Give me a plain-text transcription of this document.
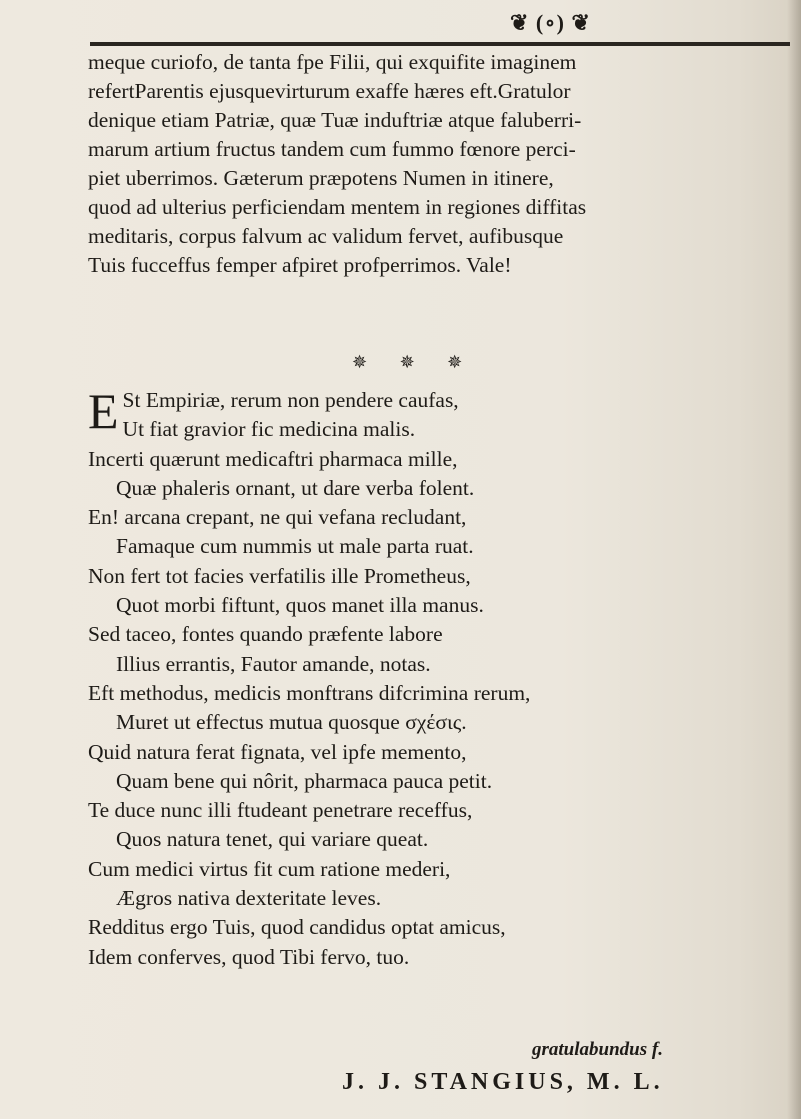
❦ (∘) ❦
meque curiofo, de tanta fpe Filii, qui exquifite imaginem
refertParentis ejusquevirturum exaffe hæres eft.Gratulor
denique etiam Patriæ, quæ Tuæ induftriæ atque faluberri-
marum artium fructus tandem cum fummo fœnore perci-
piet uberrimos. Gæterum præpotens Numen in itinere,
quod ad ulterius perficiendam mentem in regiones diffitas
meditaris, corpus falvum ac validum fervet, aufibusque
Tuis fucceffus femper afpiret profperrimos. Vale!
✵ ✵ ✵
E St Empiriæ, rerum non pendere caufas,
Ut fiat gravior fic medicina malis.
Incerti quærunt medicaftri pharmaca mille,
Quæ phaleris ornant, ut dare verba folent.
En! arcana crepant, ne qui vefana recludant,
Famaque cum nummis ut male parta ruat.
Non fert tot facies verfatilis ille Prometheus,
Quot morbi fiftunt, quos manet illa manus.
Sed taceo, fontes quando præfente labore
Illius errantis, Fautor amande, notas.
Eft methodus, medicis monftrans difcrimina rerum,
Muret ut effectus mutua quosque σχέσις.
Quid natura ferat fignata, vel ipfe memento,
Quam bene qui nôrit, pharmaca pauca petit.
Te duce nunc illi ftudeant penetrare receffus,
Quos natura tenet, qui variare queat.
Cum medici virtus fit cum ratione mederi,
Ægros nativa dexteritate leves.
Redditus ergo Tuis, quod candidus optat amicus,
Idem conferves, quod Tibi fervo, tuo.
gratulabundus f.
J. J. STANGIUS, M. L.
